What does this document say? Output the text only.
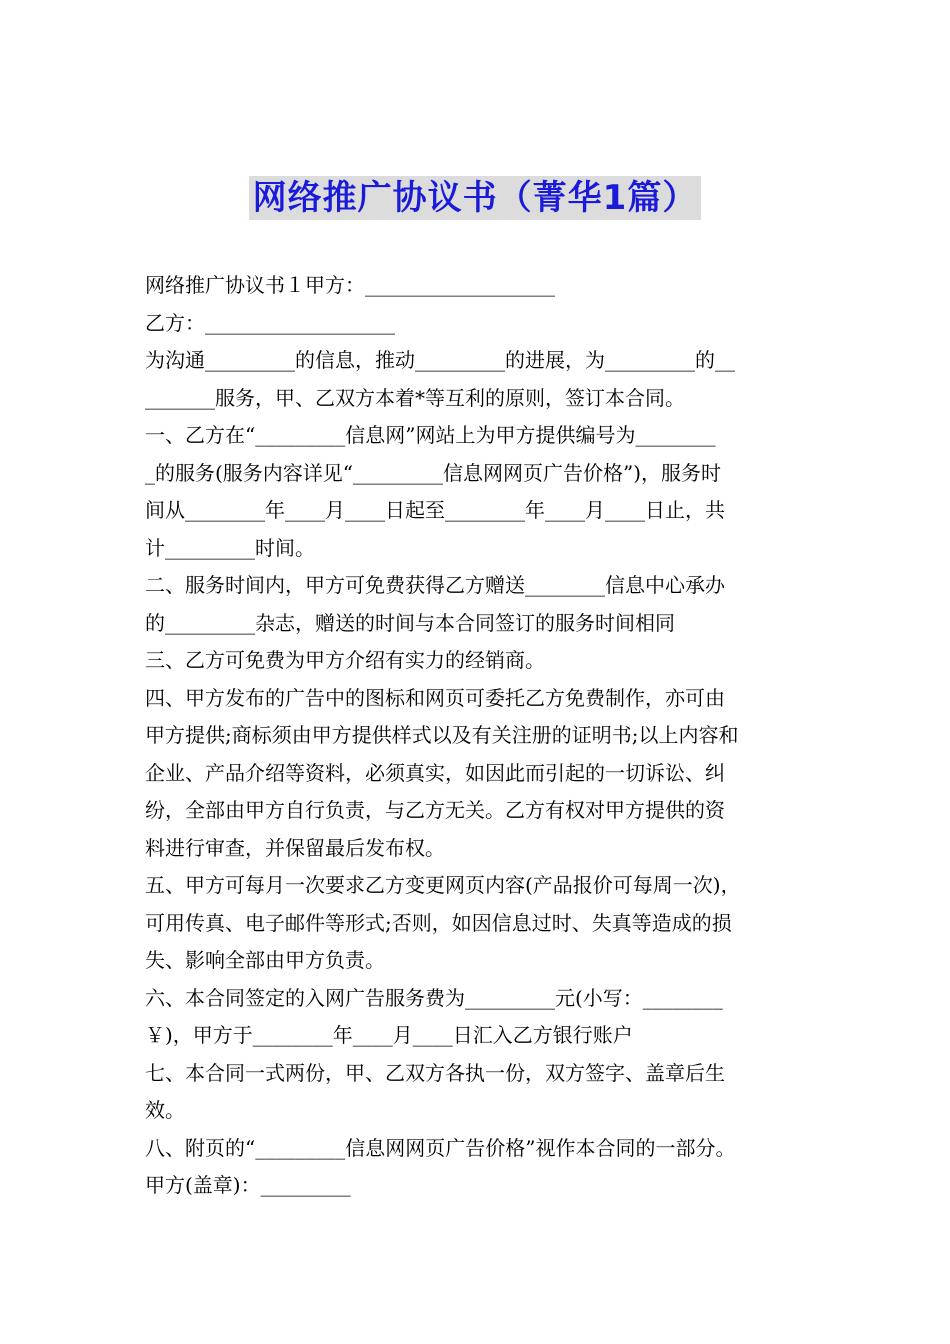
网络推广协议书（菁华1篇）

网络推广协议书１甲方：___________________

乙方：___________________

为沟通_________的信息，推动_________的进展，为_________的__

_______服务，甲、乙双方本着*等互利的原则，签订本合同。

一、乙方在“_________信息网”网站上为甲方提供编号为________

_的服务(服务内容详见“_________信息网网页广告价格”)，服务时

间从________年____月____日起至________年____月____日止，共

计_________时间。

二、服务时间内，甲方可免费获得乙方赠送________信息中心承办

的_________杂志，赠送的时间与本合同签订的服务时间相同

三、乙方可免费为甲方介绍有实力的经销商。

四、甲方发布的广告中的图标和网页可委托乙方免费制作，亦可由

甲方提供;商标须由甲方提供样式以及有关注册的证明书;以上内容和

企业、产品介绍等资料，必须真实，如因此而引起的一切诉讼、纠

纷，全部由甲方自行负责，与乙方无关。乙方有权对甲方提供的资

料进行审查，并保留最后发布权。

五、甲方可每月一次要求乙方变更网页内容(产品报价可每周一次)，

可用传真、电子邮件等形式;否则，如因信息过时、失真等造成的损

失、影响全部由甲方负责。

六、本合同签定的入网广告服务费为_________元(小写：________

￥)，甲方于________年____月____日汇入乙方银行账户

七、本合同一式两份，甲、乙双方各执一份，双方签字、盖章后生

效。

八、附页的“_________信息网网页广告价格”视作本合同的一部分。

甲方(盖章)：_________
